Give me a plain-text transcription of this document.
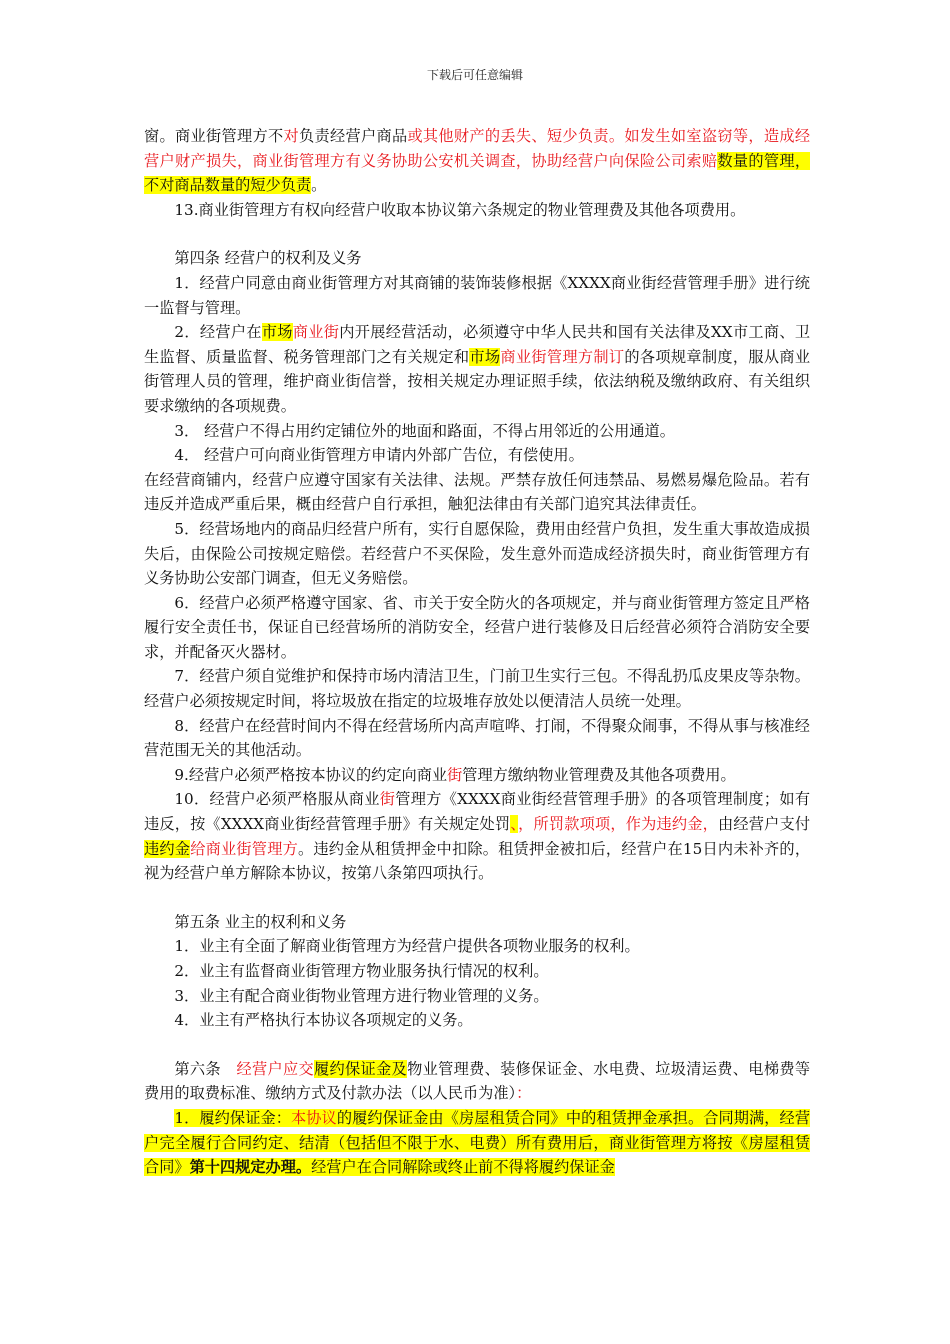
下载后可任意编辑

窗。商业街管理方不对负责经营户商品或其他财产的丢失、短少负责。如发生如室盗窃等，造成经营户财产损失，商业街管理方有义务协助公安机关调查，协助经营户向保险公司索赔数量的管理，不对商品数量的短少负责。

13.商业街管理方有权向经营户收取本协议第六条规定的物业管理费及其他各项费用。

第四条 经营户的权利及义务

1．经营户同意由商业街管理方对其商铺的装饰装修根据《XXXX商业街经营管理手册》进行统一监督与管理。

2．经营户在市场商业街内开展经营活动，必须遵守中华人民共和国有关法律及XX市工商、卫生监督、质量监督、税务管理部门之有关规定和市场商业街管理方制订的各项规章制度，服从商业街管理人员的管理，维护商业街信誉，按相关规定办理证照手续，依法纳税及缴纳政府、有关组织要求缴纳的各项规费。

3． 经营户不得占用约定铺位外的地面和路面，不得占用邻近的公用通道。

4． 经营户可向商业街管理方申请内外部广告位，有偿使用。

在经营商铺内，经营户应遵守国家有关法律、法规。严禁存放任何违禁品、易燃易爆危险品。若有违反并造成严重后果，概由经营户自行承担，触犯法律由有关部门追究其法律责任。

5．经营场地内的商品归经营户所有，实行自愿保险，费用由经营户负担，发生重大事故造成损失后，由保险公司按规定赔偿。若经营户不买保险，发生意外而造成经济损失时，商业街管理方有义务协助公安部门调查，但无义务赔偿。

6．经营户必须严格遵守国家、省、市关于安全防火的各项规定，并与商业街管理方签定且严格履行安全责任书，保证自已经营场所的消防安全，经营户进行装修及日后经营必须符合消防安全要求，并配备灭火器材。

7．经营户须自觉维护和保持市场内清洁卫生，门前卫生实行三包。不得乱扔瓜皮果皮等杂物。经营户必须按规定时间，将垃圾放在指定的垃圾堆存放处以便清洁人员统一处理。

8．经营户在经营时间内不得在经营场所内高声喧哗、打闹，不得聚众闹事，不得从事与核准经营范围无关的其他活动。

9.经营户必须严格按本协议的约定向商业街管理方缴纳物业管理费及其他各项费用。

10．经营户必须严格服从商业街管理方《XXXX商业街经营管理手册》的各项管理制度；如有违反，按《XXXX商业街经营管理手册》有关规定处罚、，所罚款项项，作为违约金，由经营户支付违约金给商业街管理方。违约金从租赁押金中扣除。租赁押金被扣后，经营户在15日内未补齐的，视为经营户单方解除本协议，按第八条第四项执行。

第五条 业主的权利和义务

1．业主有全面了解商业街管理方为经营户提供各项物业服务的权利。

2．业主有监督商业街管理方物业服务执行情况的权利。

3．业主有配合商业街物业管理方进行物业管理的义务。

4．业主有严格执行本协议各项规定的义务。

第六条　经营户应交履约保证金及物业管理费、装修保证金、水电费、垃圾清运费、电梯费等费用的取费标准、缴纳方式及付款办法（以人民币为准）：

1．履约保证金：本协议的履约保证金由《房屋租赁合同》中的租赁押金承担。合同期满，经营户完全履行合同约定、结清（包括但不限于水、电费）所有费用后，商业街管理方将按《房屋租赁合同》第十四规定办理。经营户在合同解除或终止前不得将履约保证金
